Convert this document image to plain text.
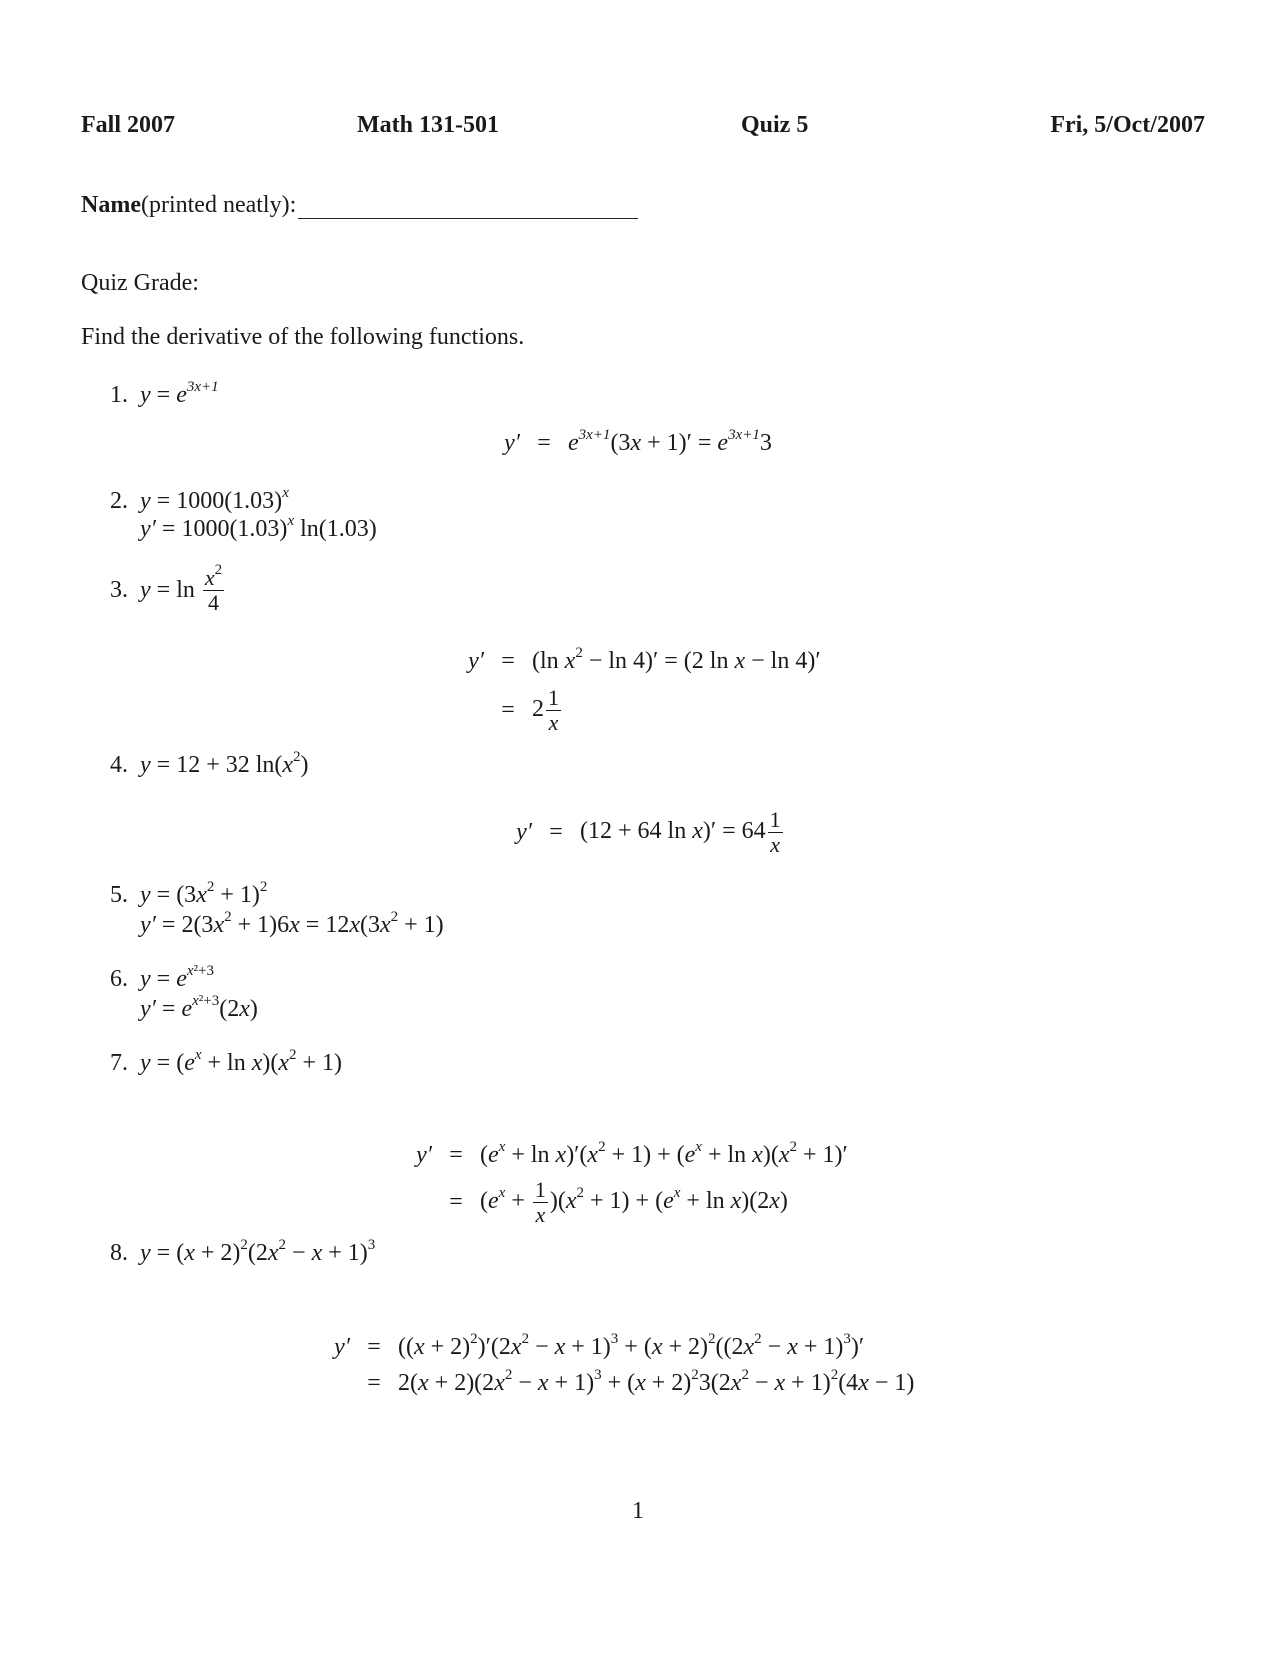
Fall 2007	Math 131-501	Quiz 5	Fri, 5/Oct/2007
Name (printed neatly):
Quiz Grade:
Find the derivative of the following functions.
1. $y = e^{3x+1}$
$y' = e^{3x+1}(3x + 1)' = e^{3x+1}3$
2. $y = 1000(1.03)^x$
$y' = 1000(1.03)^x$ ln(1.03)
3.
$y = \ln \frac{x^2}{4}$
y′ = (ln $x^2 - \ln 4)' = (2$ ln x − ln 4)′
= $2 \frac{1}{x}$
4. y = 12 + 32 $\ln(x^2)$
y′ = (12 + 64 $\ln x)' = 64 \frac{1}{x}$
5. $y = (3x^2 + 1)^2$
$y' = 2(3x^2 + 1)6x = 12x(3x^2 + 1)$
6. $y = e^{x^2+3}$
$y' = e^{x^2+3}(2x)$
7. $y = (e^x + \ln x)(x^2 + 1)$
$y' = (e^x + \ln x)'(x^2 + 1) + (e^x + \ln x)(x^2 + 1)'$
= $(e^x + \frac{1}{x} )(x^2 + 1) + (e^x + \ln x)(2x)$
8. $y = (x + 2)^2(2x^2 - x + 1)^3$
$y' = ((x + 2)^2)'(2x^2 - x + 1)^3 + (x + 2)^2((2x^2 - x + 1)^3)'$
= $2(x + 2)(2x^2 - x + 1)^3 + (x + 2)^23(2x^2 - x + 1)^2(4x - 1)$
1
